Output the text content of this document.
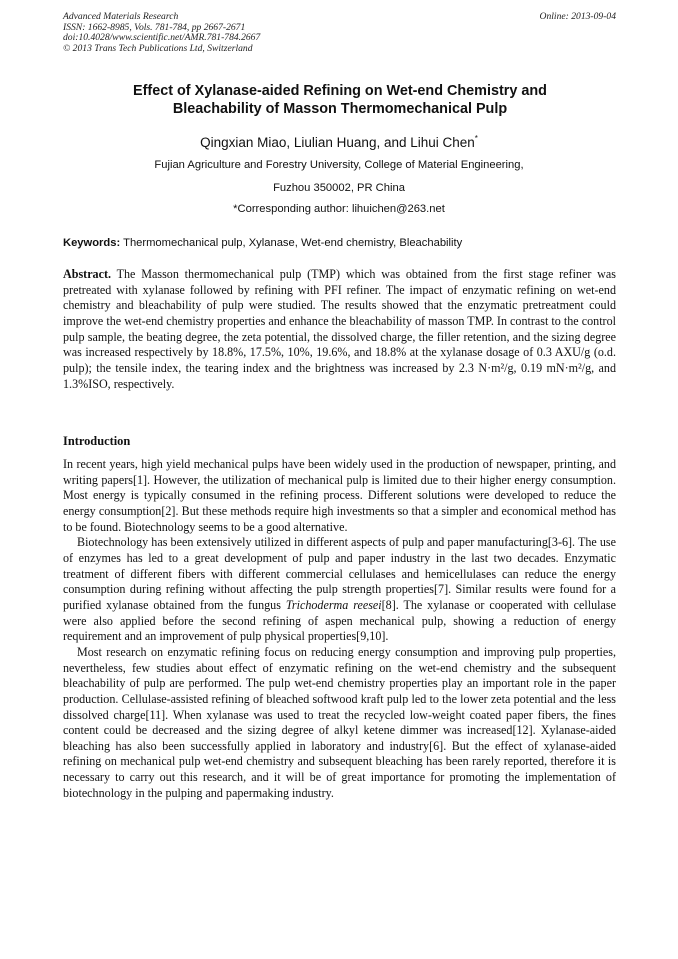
Advanced Materials Research
ISSN: 1662-8985, Vols. 781-784, pp 2667-2671
doi:10.4028/www.scientific.net/AMR.781-784.2667
© 2013 Trans Tech Publications Ltd, Switzerland
Online: 2013-09-04
Effect of Xylanase-aided Refining on Wet-end Chemistry and
Bleachability of Masson Thermomechanical Pulp
Qingxian Miao, Liulian Huang, and Lihui Chen*
Fujian Agriculture and Forestry University, College of Material Engineering,
Fuzhou 350002, PR China
*Corresponding author: lihuichen@263.net
Keywords: Thermomechanical pulp, Xylanase, Wet-end chemistry, Bleachability
Abstract. The Masson thermomechanical pulp (TMP) which was obtained from the first stage refiner was pretreated with xylanase followed by refining with PFI refiner. The impact of enzymatic refining on wet-end chemistry and bleachability of pulp were studied. The results showed that the enzymatic pretreatment could improve the wet-end chemistry properties and enhance the bleachability of masson TMP. In contrast to the control pulp sample, the beating degree, the zeta potential, the dissolved charge, the filler retention, and the sizing degree was increased respectively by 18.8%, 17.5%, 10%, 19.6%, and 18.8% at the xylanase dosage of 0.3 AXU/g (o.d. pulp); the tensile index, the tearing index and the brightness was increased by 2.3 N·m²/g, 0.19 mN·m²/g, and 1.3%ISO, respectively.
Introduction

In recent years, high yield mechanical pulps have been widely used in the production of newspaper, printing, and writing papers[1]. However, the utilization of mechanical pulp is limited due to their higher energy consumption. Most energy is typically consumed in the refining process. Different solutions were developed to reduce the energy consumption[2]. But these methods require high investments so that a simpler and economical method has to be found. Biotechnology seems to be a good alternative.

Biotechnology has been extensively utilized in different aspects of pulp and paper manufacturing[3-6]. The use of enzymes has led to a great development of pulp and paper industry in the last two decades. Enzymatic treatment of different fibers with different commercial cellulases and hemicellulases can reduce the energy consumption during refining without affecting the pulp strength properties[7]. Similar results were found for a purified xylanase obtained from the fungus Trichoderma reesei[8]. The xylanase or cooperated with cellulase were also applied before the second refining of aspen mechanical pulp, showing a reduction of energy requirement and an improvement of pulp physical properties[9,10].

Most research on enzymatic refining focus on reducing energy consumption and improving pulp properties, nevertheless, few studies about effect of enzymatic refining on the wet-end chemistry and the subsequent bleachability of pulp are performed. The pulp wet-end chemistry properties play an important role in the paper production. Cellulase-assisted refining of bleached softwood kraft pulp led to the lower zeta potential and the less dissolved charge[11]. When xylanase was used to treat the recycled low-weight coated paper fibers, the fines content could be decreased and the sizing degree of alkyl ketene dimmer was increased[12]. Xylanase-aided bleaching has also been successfully applied in laboratory and industry[6]. But the effect of xylanase-aided refining on mechanical pulp wet-end chemistry and subsequent bleaching has been rarely reported, therefore it is necessary to carry out this research, and it will be of great importance for promoting the implementation of biotechnology in the pulping and papermaking industry.
